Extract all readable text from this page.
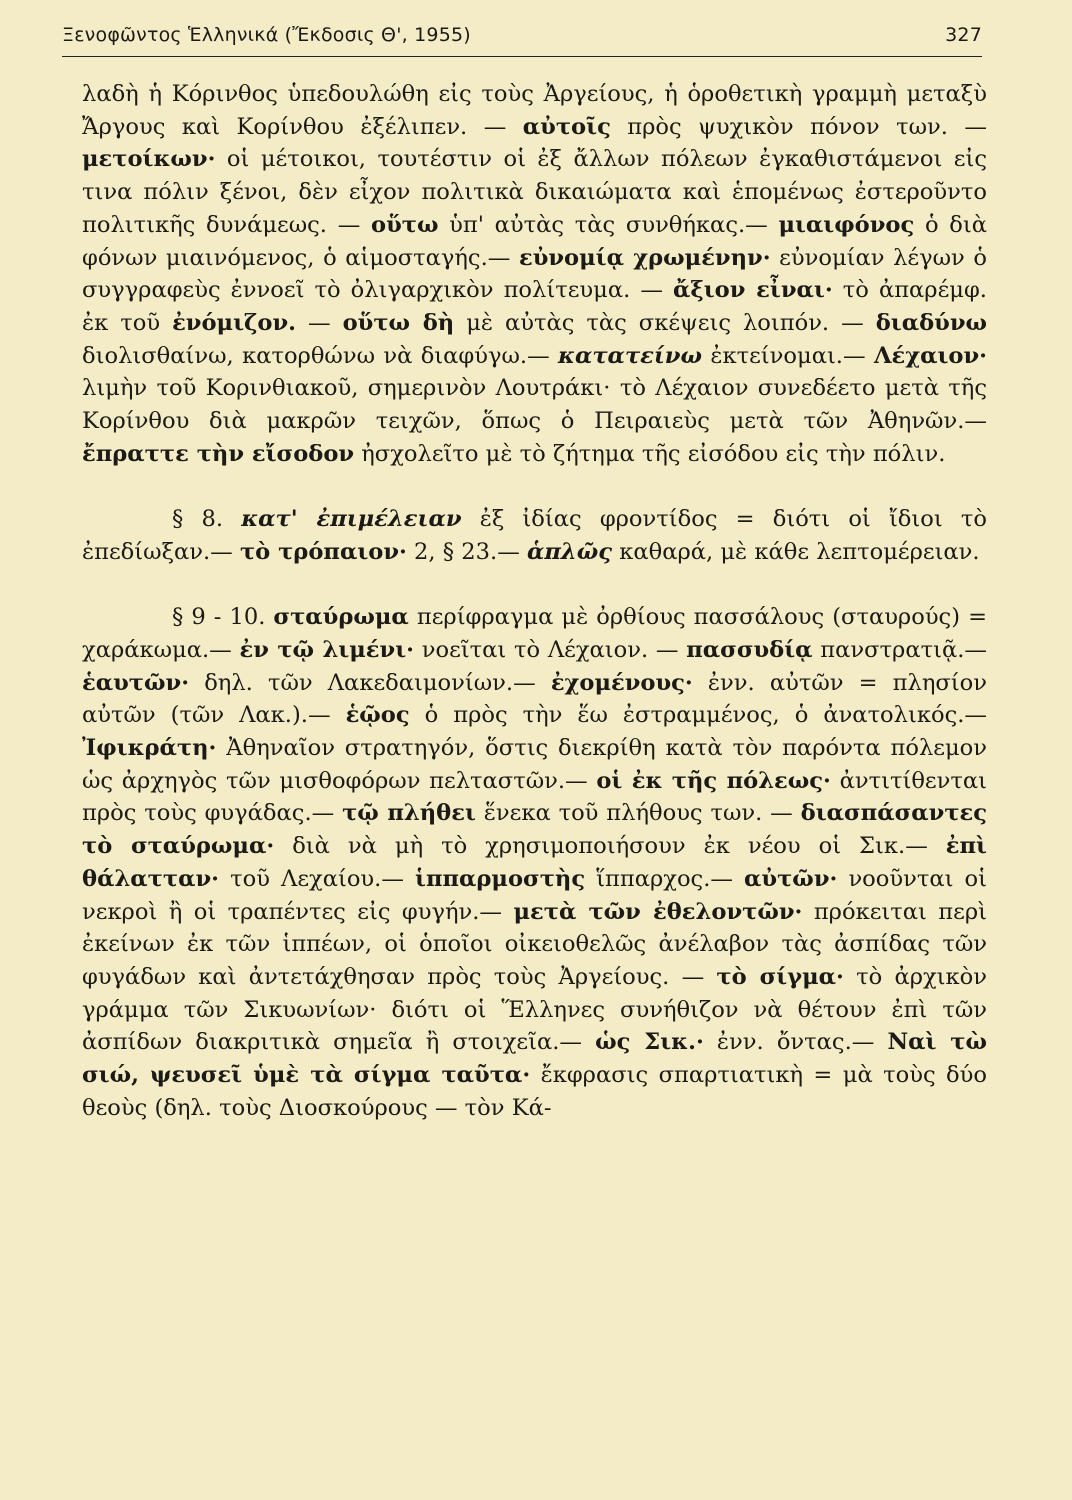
Ξενοφῶντος Ἑλληνικά (Ἔκδοσις Θ', 1955)	327

λαδὴ ἡ Κόρινθος ὑπεδουλώθη εἰς τοὺς Ἀργείους, ἡ ὁροθετικὴ γραμμὴ μεταξὺ Ἄργους καὶ Κορίνθου ἐξέλιπεν. — αὐτοῖς πρὸς ψυχικὸν πόνον των. — μετοίκων· οἱ μέτοικοι, τουτέστιν οἱ ἐξ ἄλλων πόλεων ἐγκαθιστάμενοι εἰς τινα πόλιν ξένοι, δὲν εἶχον πολιτικὰ δικαιώματα καὶ ἑπομένως ἐστεροῦντο πολιτικῆς δυνάμεως. — οὕτω ὑπ' αὐτὰς τὰς συνθήκας.— μιαιφόνος ὁ διὰ φόνων μιαινόμενος, ὁ αἱμοσταγής.— εὐνομίᾳ χρωμένην· εὐνομίαν λέγων ὁ συγγραφεὺς ἐννοεῖ τὸ ὀλιγαρχικὸν πολίτευμα. — ἄξιον εἶναι· τὸ ἀπαρέμφ. ἐκ τοῦ ἐνόμιζον. — οὕτω δὴ μὲ αὐτὰς τὰς σκέψεις λοιπόν. — διαδύνω διολισθαίνω, κατορθώνω νὰ διαφύγω.— κατατείνω ἐκτείνομαι.— Λέχαιον· λιμὴν τοῦ Κορινθιακοῦ, σημερινὸν Λουτράκι· τὸ Λέχαιον συνεδέετο μετὰ τῆς Κορίνθου διὰ μακρῶν τειχῶν, ὅπως ὁ Πειραιεὺς μετὰ τῶν Ἀθηνῶν.— ἔπραττε τὴν εἴσοδον ἠσχολεῖτο μὲ τὸ ζήτημα τῆς εἰσόδου εἰς τὴν πόλιν.

§ 8. κατ' ἐπιμέλειαν ἐξ ἰδίας φροντίδος = διότι οἱ ἴδιοι τὸ ἐπεδίωξαν.— τὸ τρόπαιον· 2, § 23.— ἁπλῶς καθαρά, μὲ κάθε λεπτομέρειαν.

§ 9 - 10. σταύρωμα περίφραγμα μὲ ὀρθίους πασσάλους (σταυρούς) = χαράκωμα.— ἐν τῷ λιμένι· νοεῖται τὸ Λέχαιον. — πασσυδίᾳ πανστρατιᾷ.— ἑαυτῶν· δηλ. τῶν Λακεδαιμονίων.— ἐχομένους· ἐνν. αὐτῶν = πλησίον αὐτῶν (τῶν Λακ.).— ἑῷος ὁ πρὸς τὴν ἕω ἐστραμμένος, ὁ ἀνατολικός.—Ἰφικράτη· Ἀθηναῖον στρατηγόν, ὅστις διεκρίθη κατὰ τὸν παρόντα πόλεμον ὡς ἀρχηγὸς τῶν μισθοφόρων πελταστῶν.— οἱ ἐκ τῆς πόλεως· ἀντιτίθενται πρὸς τοὺς φυγάδας.— τῷ πλήθει ἕνεκα τοῦ πλήθους των. — διασπάσαντες τὸ σταύρωμα· διὰ νὰ μὴ τὸ χρησιμοποιήσουν ἐκ νέου οἱ Σικ.— ἐπὶ θάλατταν· τοῦ Λεχαίου.— ἱππαρμοστὴς ἵππαρχος.— αὐτῶν· νοοῦνται οἱ νεκροὶ ἢ οἱ τραπέντες εἰς φυγήν.— μετὰ τῶν ἐθελοντῶν· πρόκειται περὶ ἐκείνων ἐκ τῶν ἱππέων, οἱ ὁποῖοι οἰκειοθελῶς ἀνέλαβον τὰς ἀσπίδας τῶν φυγάδων καὶ ἀντετάχθησαν πρὸς τοὺς Ἀργείους. — τὸ σίγμα· τὸ ἀρχικὸν γράμμα τῶν Σικυωνίων· διότι οἱ Ἕλληνες συνήθιζον νὰ θέτουν ἐπὶ τῶν ἀσπίδων διακριτικὰ σημεῖα ἢ στοιχεῖα.— ὡς Σικ.· ἐνν. ὄντας.— Ναὶ τὼ σιώ, ψευσεῖ ὑμὲ τὰ σίγμα ταῦτα· ἔκφρασις σπαρτιατικὴ = μὰ τοὺς δύο θεοὺς (δηλ. τοὺς Διοσκούρους — τὸν Κά-
